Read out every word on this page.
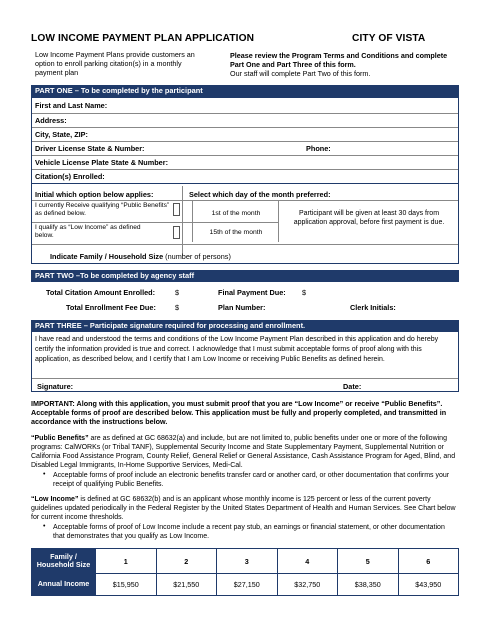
LOW INCOME PAYMENT PLAN APPLICATION	CITY OF VISTA
Low Income Payment Plans provide customers an option to enroll parking citation(s) in a monthly payment plan
Please review the Program Terms and Conditions and complete Part One and Part Three of this form.
Our staff will complete Part Two of this form.
PART ONE – To be completed by the participant
First and Last Name:
Address:
City, State, ZIP:
Driver License State & Number:	Phone:
Vehicle License Plate State & Number:
Citation(s) Enrolled:
Initial which option below applies:
I currently Receive qualifying “Public Benefits” as defined below.
I qualify as “Low Income” as defined below.
Select which day of the month preferred:
1st of the month
15th of the month
Participant will be given at least 30 days from application approval, before first payment is due.
Indicate Family / Household Size (number of persons)
PART TWO –To be completed by agency staff
Total Citation Amount Enrolled:	$	Final Payment Due: $
Total Enrollment Fee Due:	$	Plan Number:	Clerk Initials:
PART THREE – Participate signature required for processing and enrollment.
I have read and understood the terms and conditions of the Low Income Payment Plan described in this application and do hereby certify the information provided is true and correct. I acknowledge that I must submit acceptable forms of proof along with this application, as described below, and I certify that I am Low Income or receiving Public Benefits as defined herein.
Signature:	Date:
IMPORTANT: Along with this application, you must submit proof that you are “Low Income” or receive “Public Benefits”. Acceptable forms of proof are described below. This application must be fully and properly completed, and transmitted in accordance with the instructions below.
“Public Benefits” are as defined at GC 68632(a) and include, but are not limited to, public benefits under one or more of the following programs: CalWORKs (or Tribal TANF), Supplemental Security Income and State Supplementary Payment, Supplemental Nutrition or California Food Assistance Program, County Relief, General Relief or General Assistance, Cash Assistance Program for Aged, Blind, and Disabled Legal Immigrants, In-Home Supportive Services, Medi-Cal.
• Acceptable forms of proof include an electronic benefits transfer card or another card, or other documentation that confirms your receipt of qualifying Public Benefits.
“Low Income” is defined at GC 68632(b) and is an applicant whose monthly income is 125 percent or less of the current poverty guidelines updated periodically in the Federal Register by the United States Department of Health and Human Services. See Chart below for current income thresholds.
• Acceptable forms of proof of Low Income include a recent pay stub, an earnings or financial statement, or other documentation that demonstrates that you qualify as Low Income.
Family / Household Size	1	2	3	4	5	6
Annual Income	$15,950	$21,550	$27,150	$32,750	$38,350	$43,950
